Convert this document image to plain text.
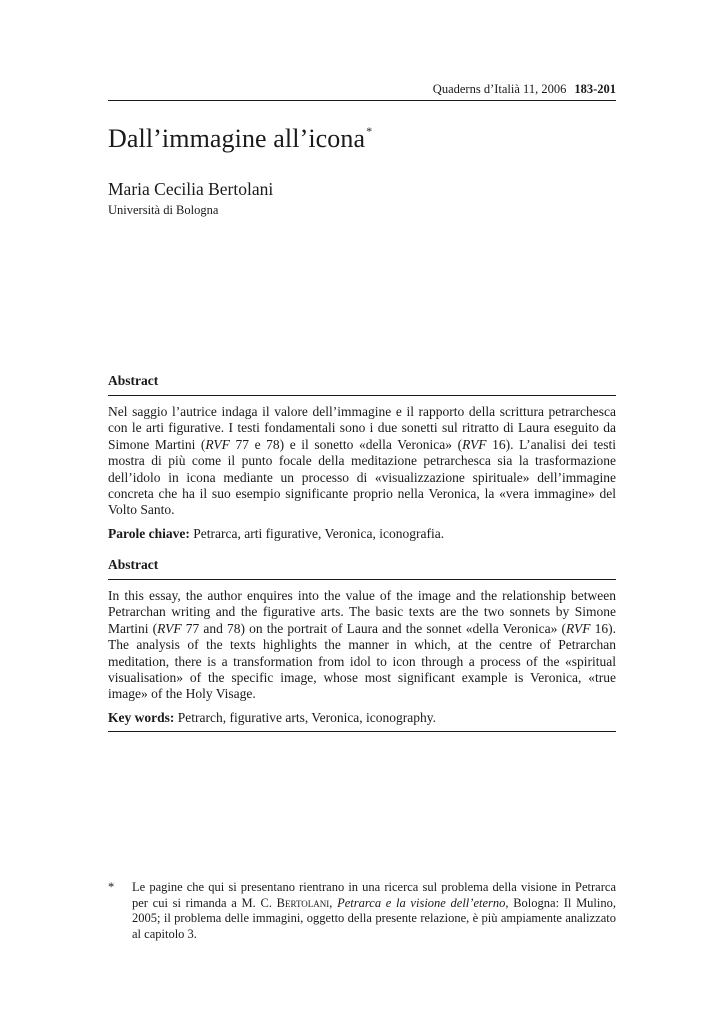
Quaderns d’Italià 11, 2006 183-201
Dall’immagine all’icona*
Maria Cecilia Bertolani
Università di Bologna
Abstract
Nel saggio l’autrice indaga il valore dell’immagine e il rapporto della scrittura petrarchesca con le arti figurative. I testi fondamentali sono i due sonetti sul ritratto di Laura eseguito da Simone Martini (RVF 77 e 78) e il sonetto «della Veronica» (RVF 16). L’analisi dei testi mostra di più come il punto focale della meditazione petrarchesca sia la trasformazione dell’idolo in icona mediante un processo di «visualizzazione spirituale» dell’immagine concreta che ha il suo esempio significante proprio nella Veronica, la «vera immagine» del Volto Santo.
Parole chiave: Petrarca, arti figurative, Veronica, iconografia.
Abstract
In this essay, the author enquires into the value of the image and the relationship between Petrarchan writing and the figurative arts. The basic texts are the two sonnets by Simone Martini (RVF 77 and 78) on the portrait of Laura and the sonnet «della Veronica» (RVF 16). The analysis of the texts highlights the manner in which, at the centre of Petrarchan meditation, there is a transformation from idol to icon through a process of the «spiritual visualisation» of the specific image, whose most significant example is Veronica, «true image» of the Holy Visage.
Key words: Petrarch, figurative arts, Veronica, iconography.
* Le pagine che qui si presentano rientrano in una ricerca sul problema della visione in Petrarca per cui si rimanda a M. C. Bertolani, Petrarca e la visione dell’eterno, Bologna: Il Mulino, 2005; il problema delle immagini, oggetto della presente relazione, è più ampiamente analizzato al capitolo 3.
